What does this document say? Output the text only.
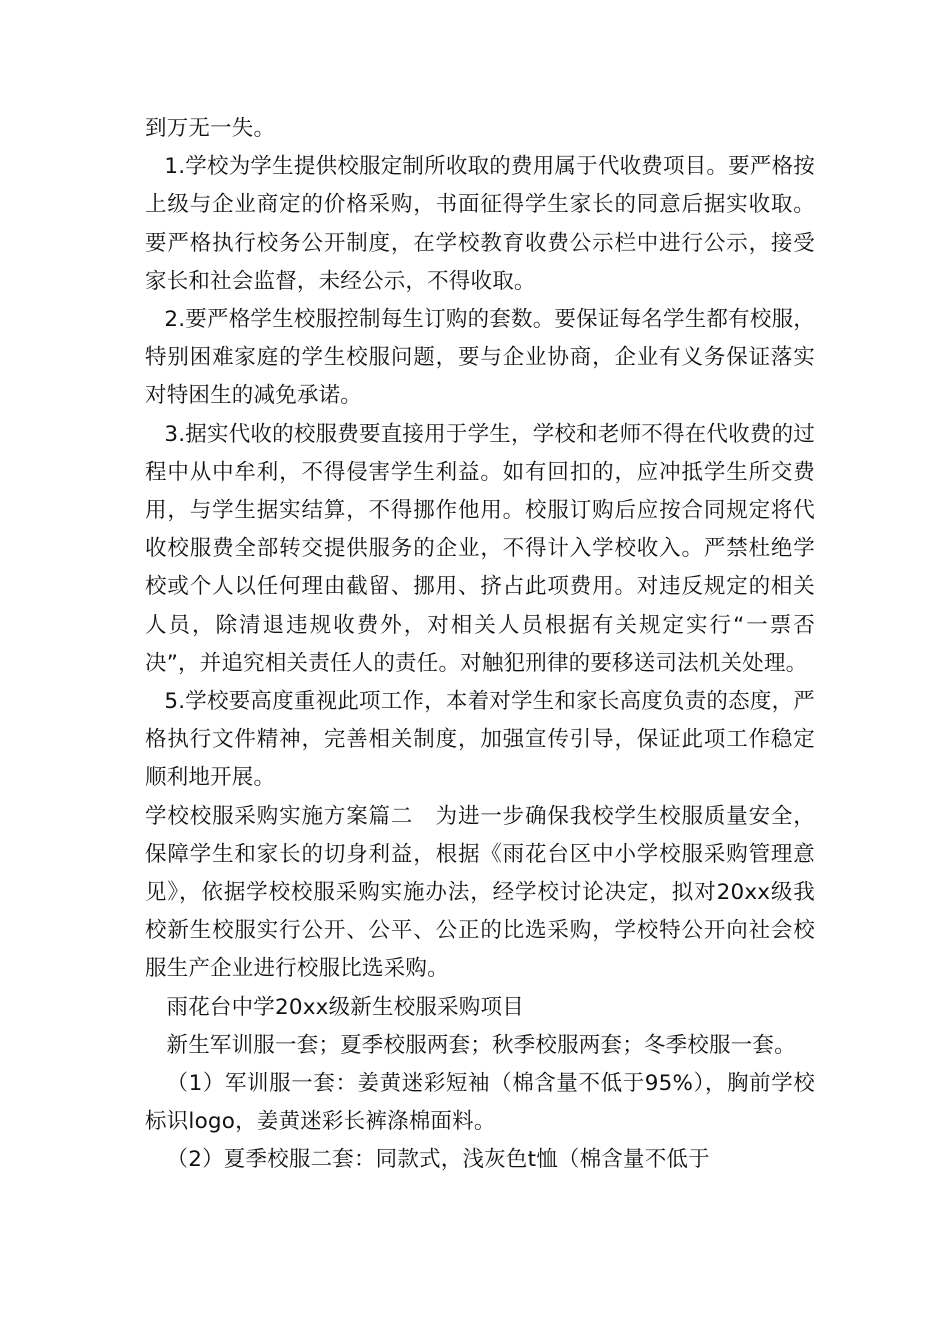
到万无一失。

1.学校为学生提供校服定制所收取的费用属于代收费项目。要严格按上级与企业商定的价格采购，书面征得学生家长的同意后据实收取。要严格执行校务公开制度，在学校教育收费公示栏中进行公示，接受家长和社会监督，未经公示，不得收取。

2.要严格学生校服控制每生订购的套数。要保证每名学生都有校服，特别困难家庭的学生校服问题，要与企业协商，企业有义务保证落实对特困生的减免承诺。

3.据实代收的校服费要直接用于学生，学校和老师不得在代收费的过程中从中牟利，不得侵害学生利益。如有回扣的，应冲抵学生所交费用，与学生据实结算，不得挪作他用。校服订购后应按合同规定将代收校服费全部转交提供服务的企业，不得计入学校收入。严禁杜绝学校或个人以任何理由截留、挪用、挤占此项费用。对违反规定的相关人员，除清退违规收费外，对相关人员根据有关规定实行“一票否决”，并追究相关责任人的责任。对触犯刑律的要移送司法机关处理。

5.学校要高度重视此项工作，本着对学生和家长高度负责的态度，严格执行文件精神，完善相关制度，加强宣传引导，保证此项工作稳定顺利地开展。

学校校服采购实施方案篇二　为进一步确保我校学生校服质量安全，保障学生和家长的切身利益，根据《雨花台区中小学校服采购管理意见》，依据学校校服采购实施办法，经学校讨论决定，拟对20xx级我校新生校服实行公开、公平、公正的比选采购，学校特公开向社会校服生产企业进行校服比选采购。

雨花台中学20xx级新生校服采购项目

新生军训服一套；夏季校服两套；秋季校服两套；冬季校服一套。

（1）军训服一套：姜黄迷彩短袖（棉含量不低于95%），胸前学校标识logo，姜黄迷彩长裤涤棉面料。

（2）夏季校服二套：同款式，浅灰色t恤（棉含量不低于
